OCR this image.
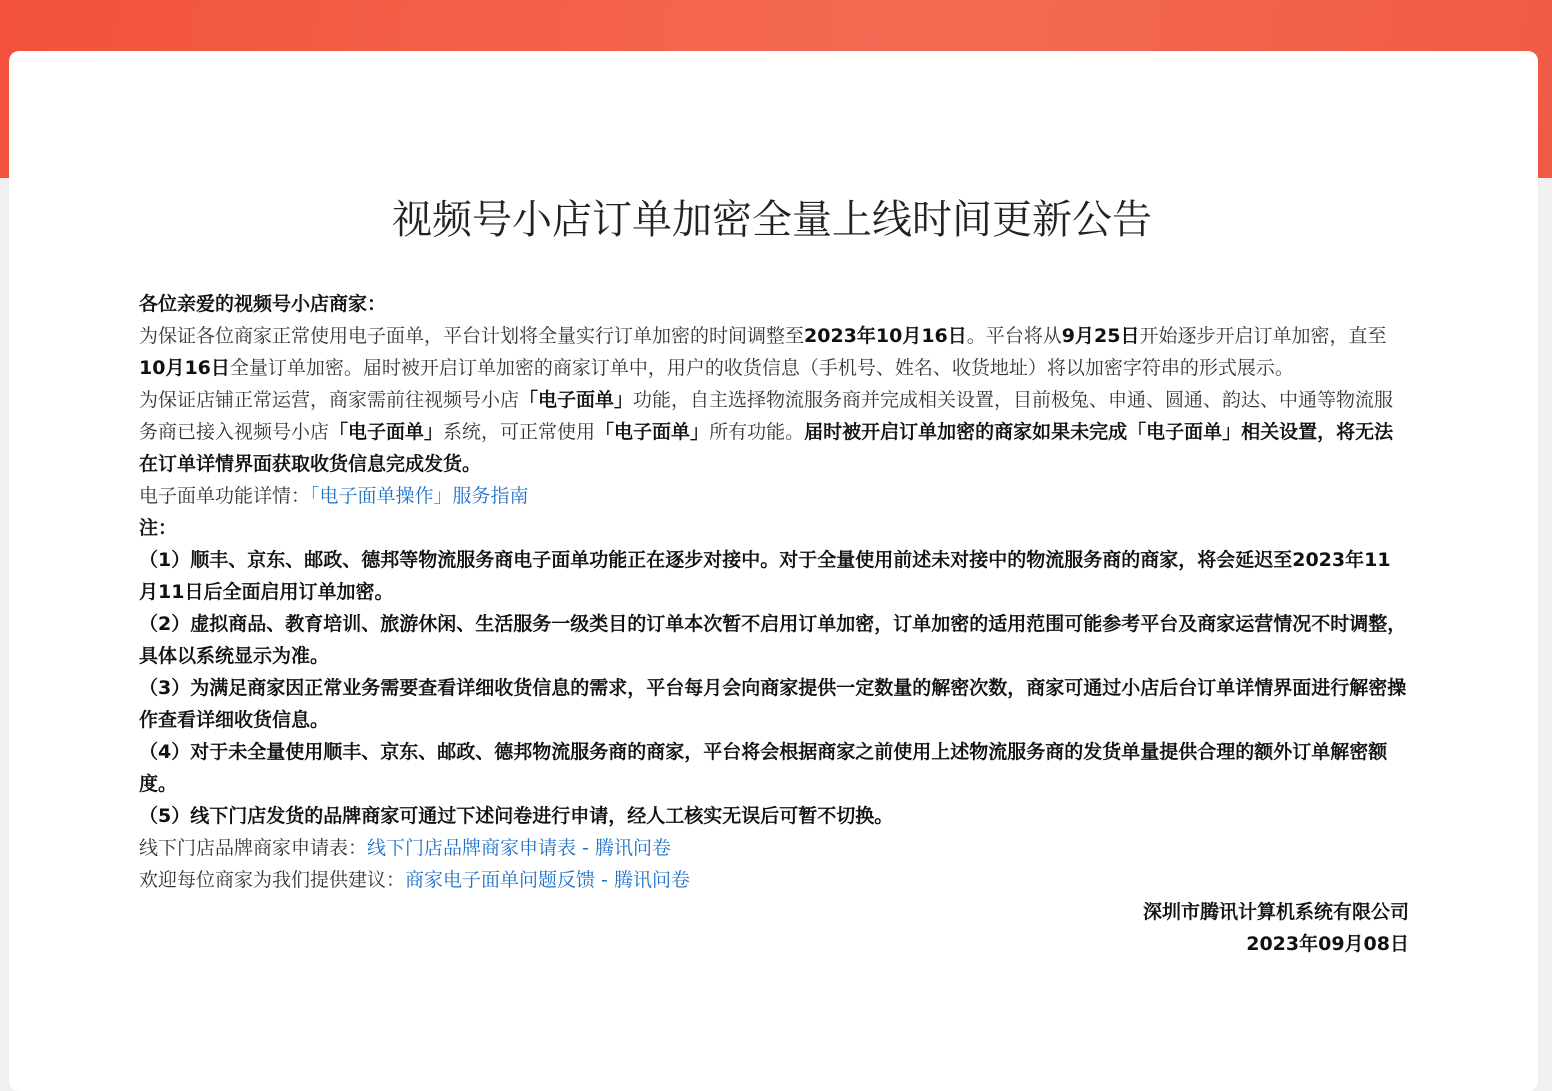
视频号小店订单加密全量上线时间更新公告

各位亲爱的视频号小店商家：

为保证各位商家正常使用电子面单，平台计划将全量实行订单加密的时间调整至2023年10月16日。平台将从9月25日开始逐步开启订单加密，直至10月16日全量订单加密。届时被开启订单加密的商家订单中，用户的收货信息（手机号、姓名、收货地址）将以加密字符串的形式展示。

为保证店铺正常运营，商家需前往视频号小店「电子面单」功能，自主选择物流服务商并完成相关设置，目前极兔、申通、圆通、韵达、中通等物流服务商已接入视频号小店「电子面单」系统，可正常使用「电子面单」所有功能。届时被开启订单加密的商家如果未完成「电子面单」相关设置，将无法在订单详情界面获取收货信息完成发货。

电子面单功能详情：「电子面单操作」服务指南

注：

（1）顺丰、京东、邮政、德邦等物流服务商电子面单功能正在逐步对接中。对于全量使用前述未对接中的物流服务商的商家，将会延迟至2023年11月11日后全面启用订单加密。

（2）虚拟商品、教育培训、旅游休闲、生活服务一级类目的订单本次暂不启用订单加密，订单加密的适用范围可能参考平台及商家运营情况不时调整，具体以系统显示为准。

（3）为满足商家因正常业务需要查看详细收货信息的需求，平台每月会向商家提供一定数量的解密次数，商家可通过小店后台订单详情界面进行解密操作查看详细收货信息。

（4）对于未全量使用顺丰、京东、邮政、德邦物流服务商的商家，平台将会根据商家之前使用上述物流服务商的发货单量提供合理的额外订单解密额度。

（5）线下门店发货的品牌商家可通过下述问卷进行申请，经人工核实无误后可暂不切换。

线下门店品牌商家申请表：线下门店品牌商家申请表 - 腾讯问卷

欢迎每位商家为我们提供建议：商家电子面单问题反馈 - 腾讯问卷

深圳市腾讯计算机系统有限公司

2023年09月08日
